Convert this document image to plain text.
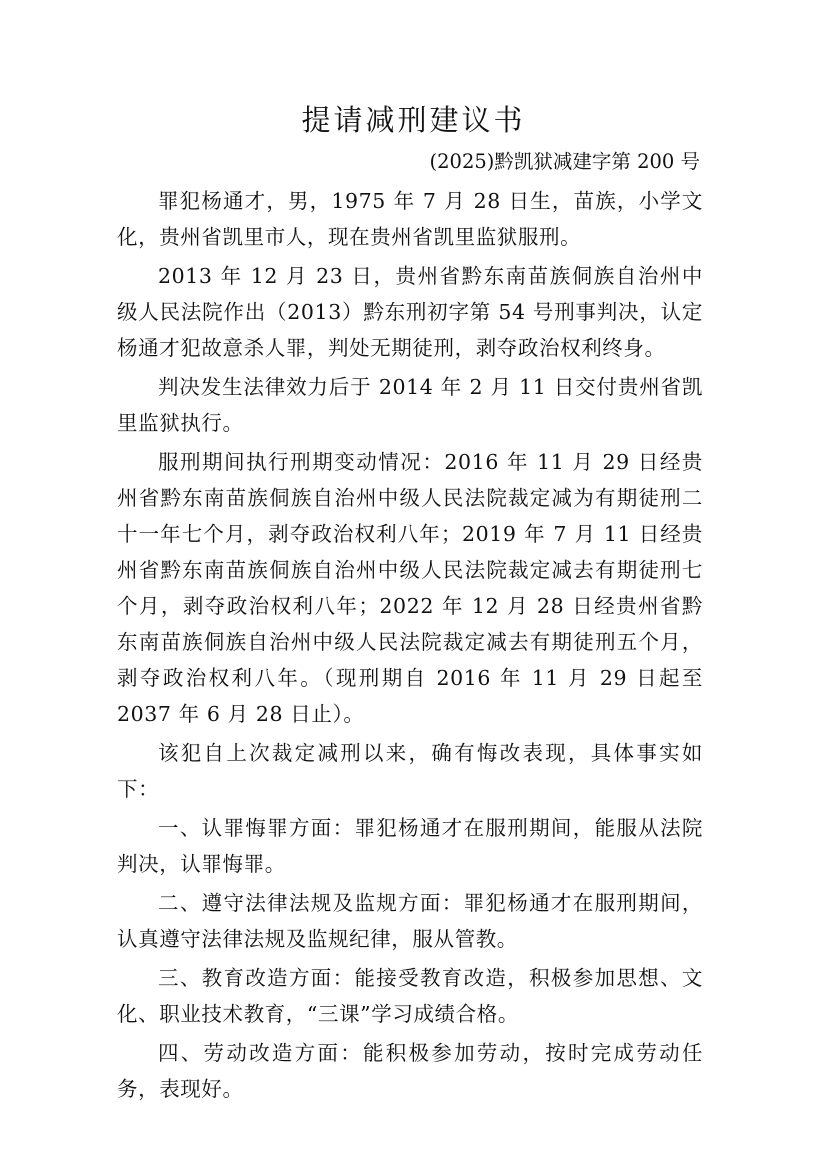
提请减刑建议书
(2025)黔凯狱减建字第 200 号

罪犯杨通才，男，1975 年 7 月 28 日生，苗族，小学文化，贵州省凯里市人，现在贵州省凯里监狱服刑。

2013 年 12 月 23 日，贵州省黔东南苗族侗族自治州中级人民法院作出（2013）黔东刑初字第 54 号刑事判决，认定杨通才犯故意杀人罪，判处无期徒刑，剥夺政治权利终身。

判决发生法律效力后于 2014 年 2 月 11 日交付贵州省凯里监狱执行。

服刑期间执行刑期变动情况：2016 年 11 月 29 日经贵州省黔东南苗族侗族自治州中级人民法院裁定减为有期徒刑二十一年七个月，剥夺政治权利八年；2019 年 7 月 11 日经贵州省黔东南苗族侗族自治州中级人民法院裁定减去有期徒刑七个月，剥夺政治权利八年；2022 年 12 月 28 日经贵州省黔东南苗族侗族自治州中级人民法院裁定减去有期徒刑五个月，剥夺政治权利八年。（现刑期自 2016 年 11 月 29 日起至 2037 年 6 月 28 日止）。

该犯自上次裁定减刑以来，确有悔改表现，具体事实如下：

一、认罪悔罪方面：罪犯杨通才在服刑期间，能服从法院判决，认罪悔罪。

二、遵守法律法规及监规方面：罪犯杨通才在服刑期间，认真遵守法律法规及监规纪律，服从管教。

三、教育改造方面：能接受教育改造，积极参加思想、文化、职业技术教育，“三课”学习成绩合格。

四、劳动改造方面：能积极参加劳动，按时完成劳动任务，表现好。
